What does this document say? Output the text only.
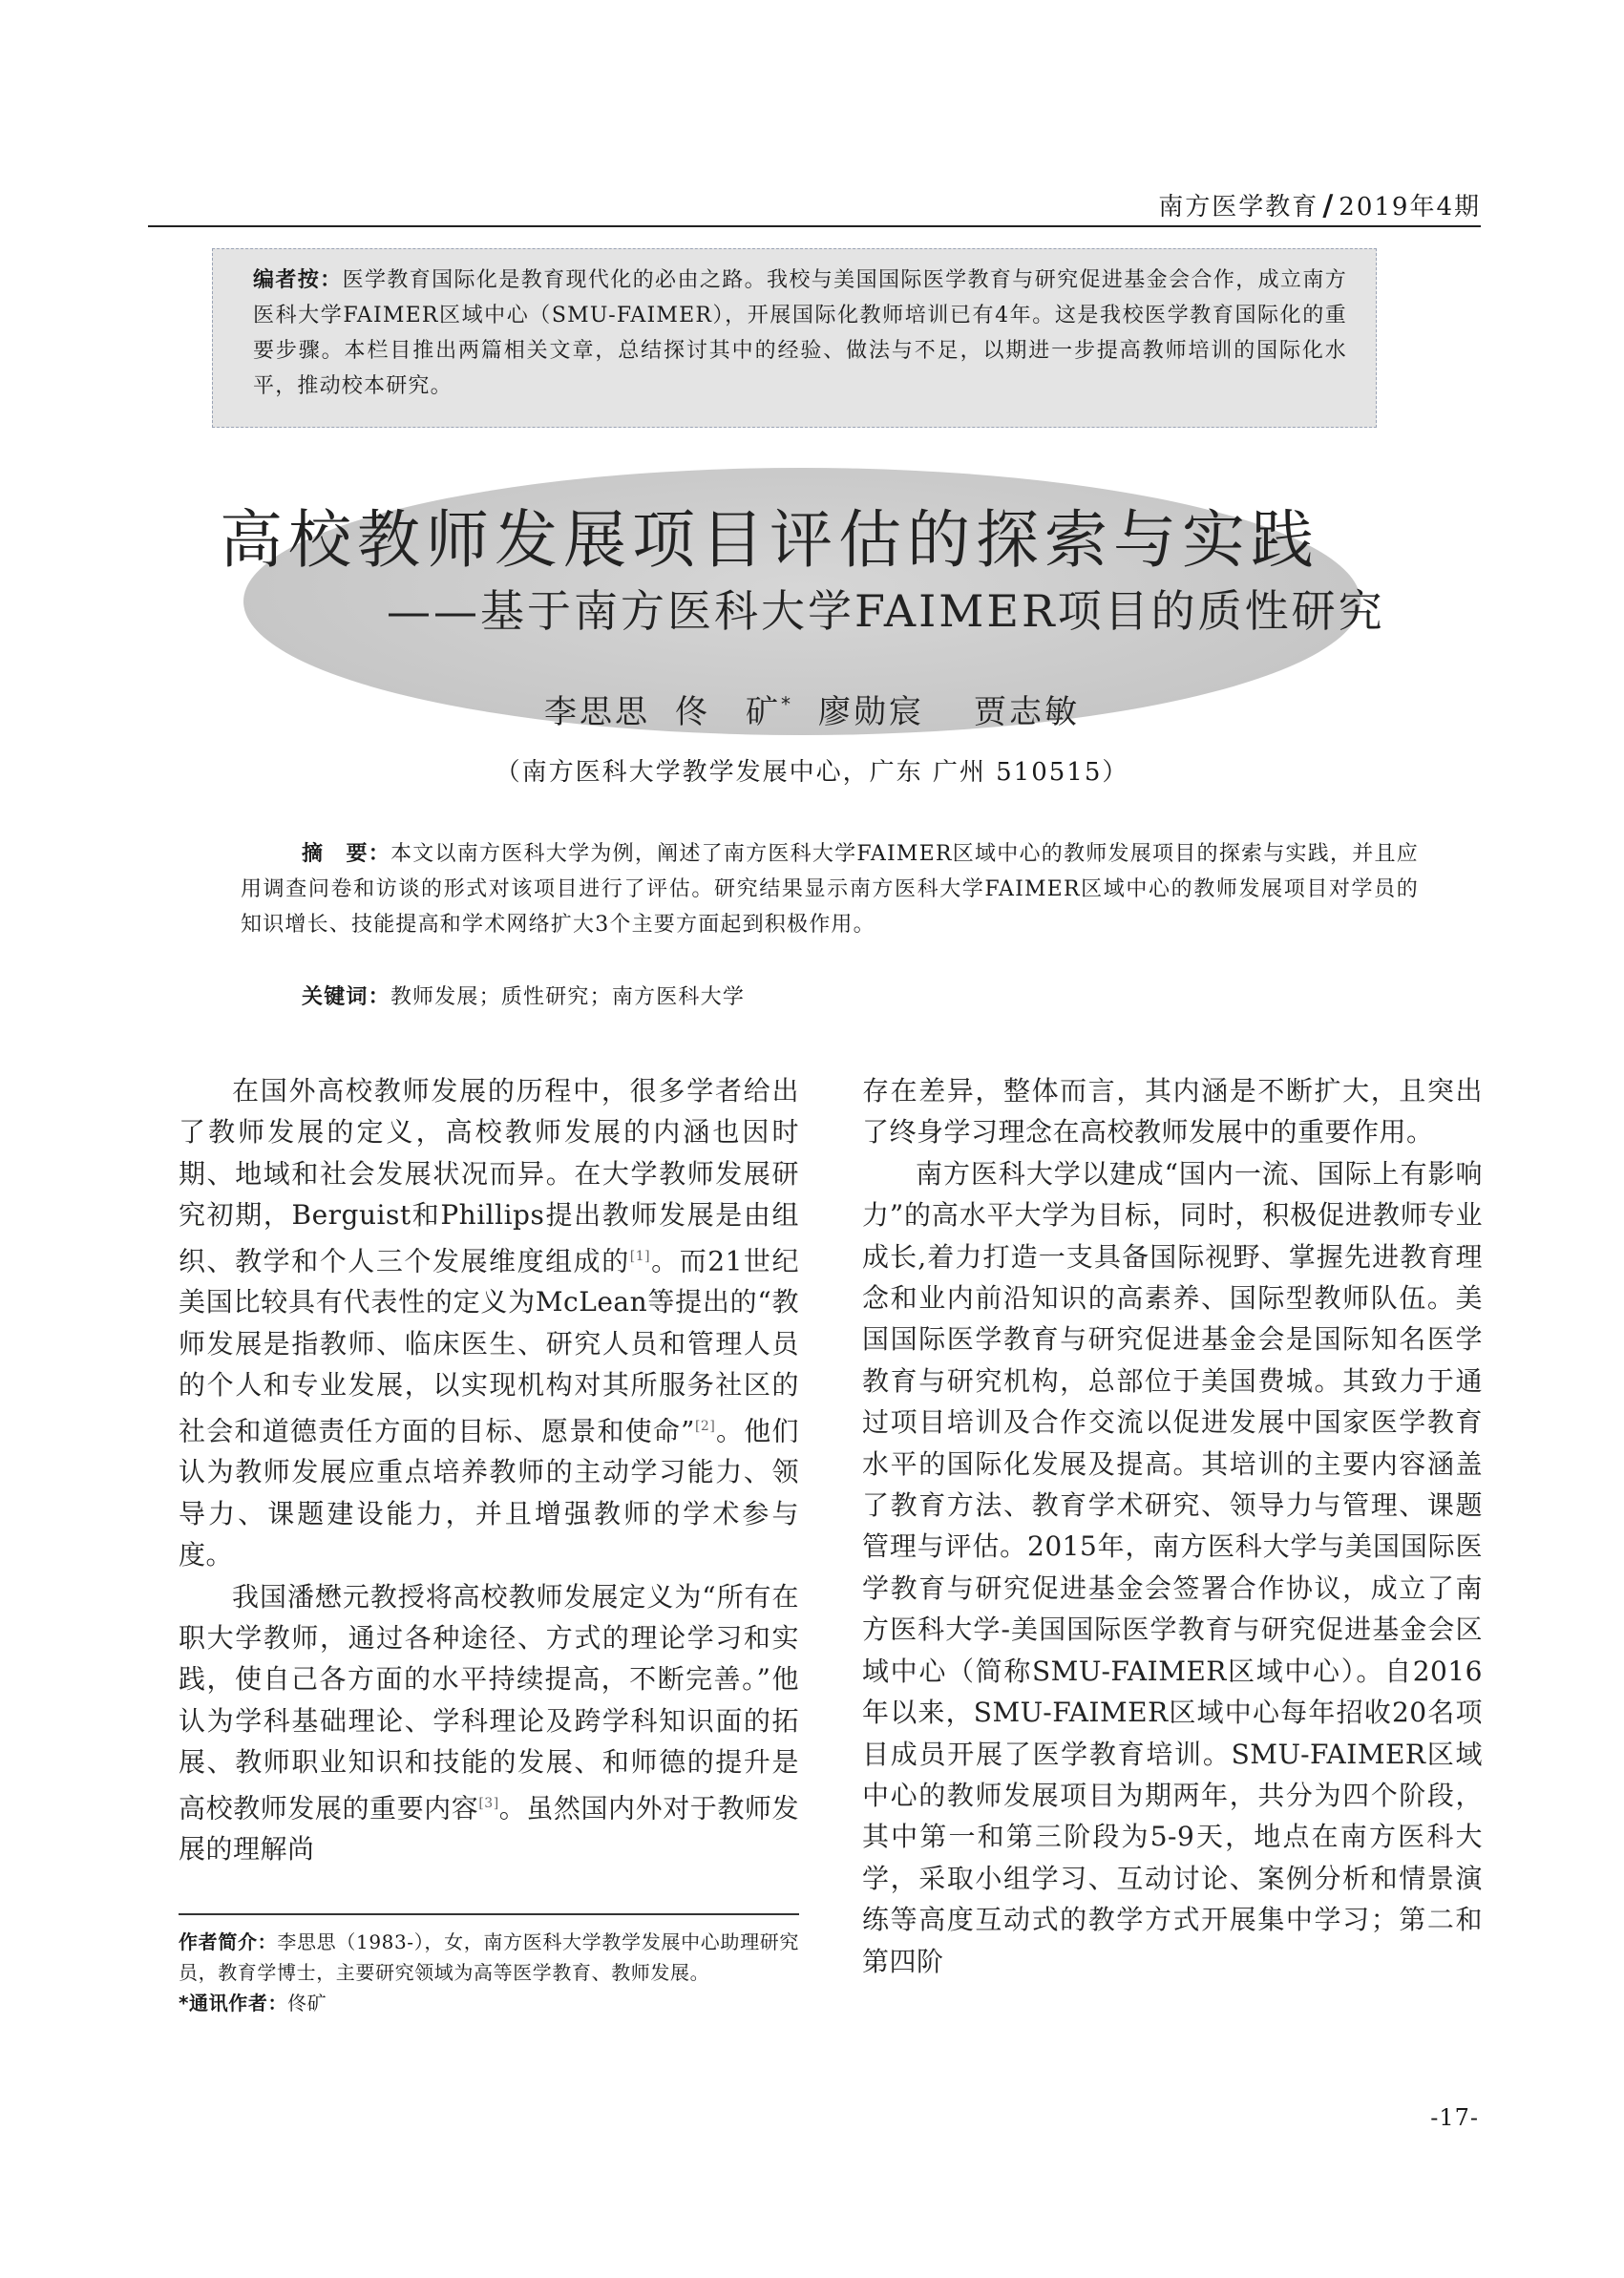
南方医学教育 / 2019年4期
编者按：医学教育国际化是教育现代化的必由之路。我校与美国国际医学教育与研究促进基金会合作，成立南方医科大学FAIMER区域中心（SMU-FAIMER），开展国际化教师培训已有4年。这是我校医学教育国际化的重要步骤。本栏目推出两篇相关文章，总结探讨其中的经验、做法与不足，以期进一步提高教师培训的国际化水平，推动校本研究。
高校教师发展项目评估的探索与实践
——基于南方医科大学FAIMER项目的质性研究
李思思 佟　矿* 廖勋宸 贾志敏
（南方医科大学教学发展中心，广东 广州 510515）

摘　要：本文以南方医科大学为例，阐述了南方医科大学FAIMER区域中心的教师发展项目的探索与实践，并且应用调查问卷和访谈的形式对该项目进行了评估。研究结果显示南方医科大学FAIMER区域中心的教师发展项目对学员的知识增长、技能提高和学术网络扩大3个主要方面起到积极作用。

关键词：教师发展；质性研究；南方医科大学

在国外高校教师发展的历程中，很多学者给出了教师发展的定义，高校教师发展的内涵也因时期、地域和社会发展状况而异。在大学教师发展研究初期，Berguist和Phillips提出教师发展是由组织、教学和个人三个发展维度组成的[1]。而21世纪美国比较具有代表性的定义为McLean等提出的“教师发展是指教师、临床医生、研究人员和管理人员的个人和专业发展，以实现机构对其所服务社区的社会和道德责任方面的目标、愿景和使命”[2]。他们认为教师发展应重点培养教师的主动学习能力、领导力、课题建设能力，并且增强教师的学术参与度。

我国潘懋元教授将高校教师发展定义为“所有在职大学教师，通过各种途径、方式的理论学习和实践，使自己各方面的水平持续提高，不断完善。”他认为学科基础理论、学科理论及跨学科知识面的拓展、教师职业知识和技能的发展、和师德的提升是高校教师发展的重要内容[3]。虽然国内外对于教师发展的理解尚

存在差异，整体而言，其内涵是不断扩大，且突出了终身学习理念在高校教师发展中的重要作用。

南方医科大学以建成“国内一流、国际上有影响力”的高水平大学为目标，同时，积极促进教师专业成长,着力打造一支具备国际视野、掌握先进教育理念和业内前沿知识的高素养、国际型教师队伍。美国国际医学教育与研究促进基金会是国际知名医学教育与研究机构，总部位于美国费城。其致力于通过项目培训及合作交流以促进发展中国家医学教育水平的国际化发展及提高。其培训的主要内容涵盖了教育方法、教育学术研究、领导力与管理、课题管理与评估。2015年，南方医科大学与美国国际医学教育与研究促进基金会签署合作协议，成立了南方医科大学-美国国际医学教育与研究促进基金会区域中心（简称SMU-FAIMER区域中心）。自2016年以来，SMU-FAIMER区域中心每年招收20名项目成员开展了医学教育培训。SMU-FAIMER区域中心的教师发展项目为期两年，共分为四个阶段，其中第一和第三阶段为5-9天，地点在南方医科大学，采取小组学习、互动讨论、案例分析和情景演练等高度互动式的教学方式开展集中学习；第二和第四阶

作者简介：李思思（1983-），女，南方医科大学教学发展中心助理研究员，教育学博士，主要研究领域为高等医学教育、教师发展。

*通讯作者：佟矿

-17-
